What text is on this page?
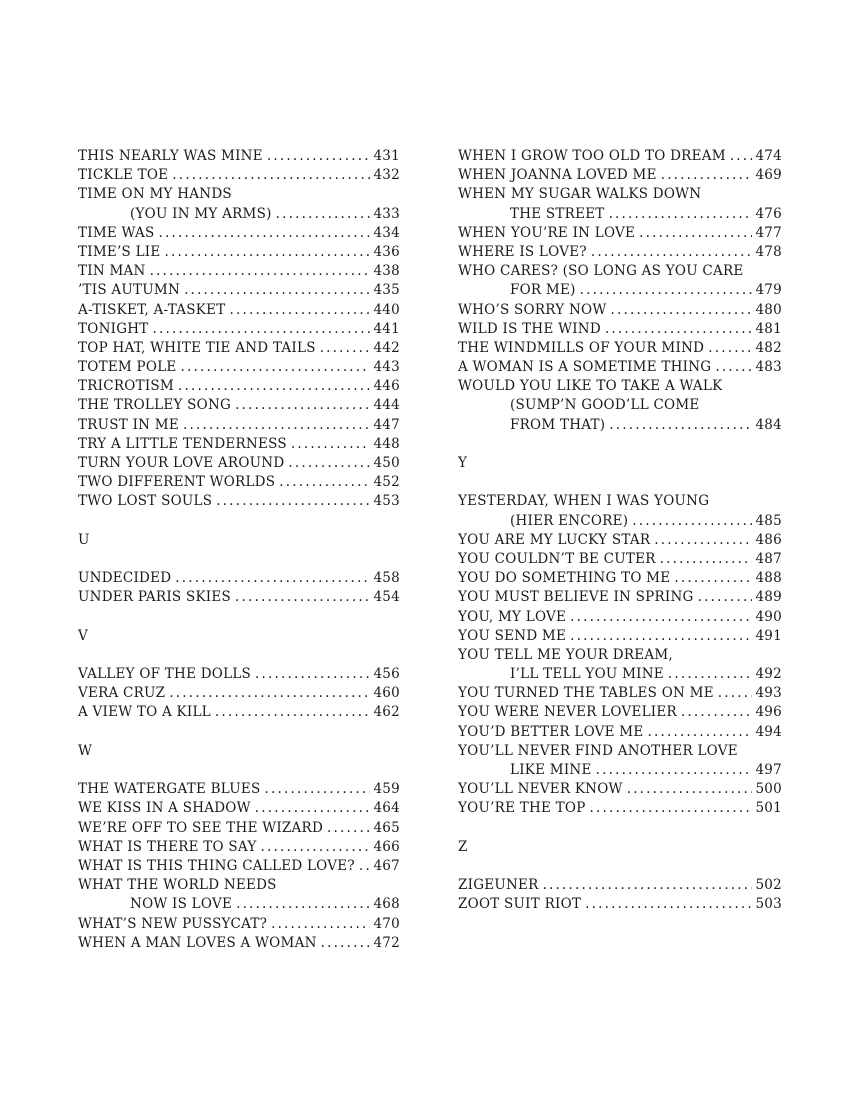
THIS NEARLY WAS MINE .....	431
TICKLE TOE .....	432
TIME ON MY HANDS
(YOU IN MY ARMS) .....	433
TIME WAS .....	434
TIME’S LIE .....	436
TIN MAN .....	438
’TIS AUTUMN .....	435
A-TISKET, A-TASKET .....	440
TONIGHT .....	441
TOP HAT, WHITE TIE AND TAILS .....	442
TOTEM POLE .....	443
TRICROTISM .....	446
THE TROLLEY SONG .....	444
TRUST IN ME .....	447
TRY A LITTLE TENDERNESS .....	448
TURN YOUR LOVE AROUND .....	450
TWO DIFFERENT WORLDS .....	452
TWO LOST SOULS .....	453
U
UNDECIDED .....	458
UNDER PARIS SKIES .....	454
V
VALLEY OF THE DOLLS .....	456
VERA CRUZ .....	460
A VIEW TO A KILL .....	462
W
THE WATERGATE BLUES .....	459
WE KISS IN A SHADOW .....	464
WE’RE OFF TO SEE THE WIZARD .....	465
WHAT IS THERE TO SAY .....	466
WHAT IS THIS THING CALLED LOVE? ..... 467
WHAT THE WORLD NEEDS
NOW IS LOVE .....	468
WHAT’S NEW PUSSYCAT? .....	470
WHEN A MAN LOVES A WOMAN .....	472
WHEN I GROW TOO OLD TO DREAM ..... 474
WHEN JOANNA LOVED ME .....	469
WHEN MY SUGAR WALKS DOWN
THE STREET .....	476
WHEN YOU’RE IN LOVE .....	477
WHERE IS LOVE? .....	478
WHO CARES? (SO LONG AS YOU CARE
FOR ME) .....	479
WHO’S SORRY NOW .....	480
WILD IS THE WIND .....	481
THE WINDMILLS OF YOUR MIND .....	482
A WOMAN IS A SOMETIME THING .....	483
WOULD YOU LIKE TO TAKE A WALK
(SUMP’N GOOD’LL COME
FROM THAT) .....	484
Y
YESTERDAY, WHEN I WAS YOUNG
(HIER ENCORE) .....	485
YOU ARE MY LUCKY STAR .....	486
YOU COULDN’T BE CUTER .....	487
YOU DO SOMETHING TO ME .....	488
YOU MUST BELIEVE IN SPRING .....	489
YOU, MY LOVE .....	490
YOU SEND ME .....	491
YOU TELL ME YOUR DREAM,
I’LL TELL YOU MINE .....	492
YOU TURNED THE TABLES ON ME .....	493
YOU WERE NEVER LOVELIER .....	496
YOU’D BETTER LOVE ME .....	494
YOU’LL NEVER FIND ANOTHER LOVE
LIKE MINE .....	497
YOU’LL NEVER KNOW .....	500
YOU’RE THE TOP .....	501
Z
ZIGEUNER .....	502
ZOOT SUIT RIOT .....	503
